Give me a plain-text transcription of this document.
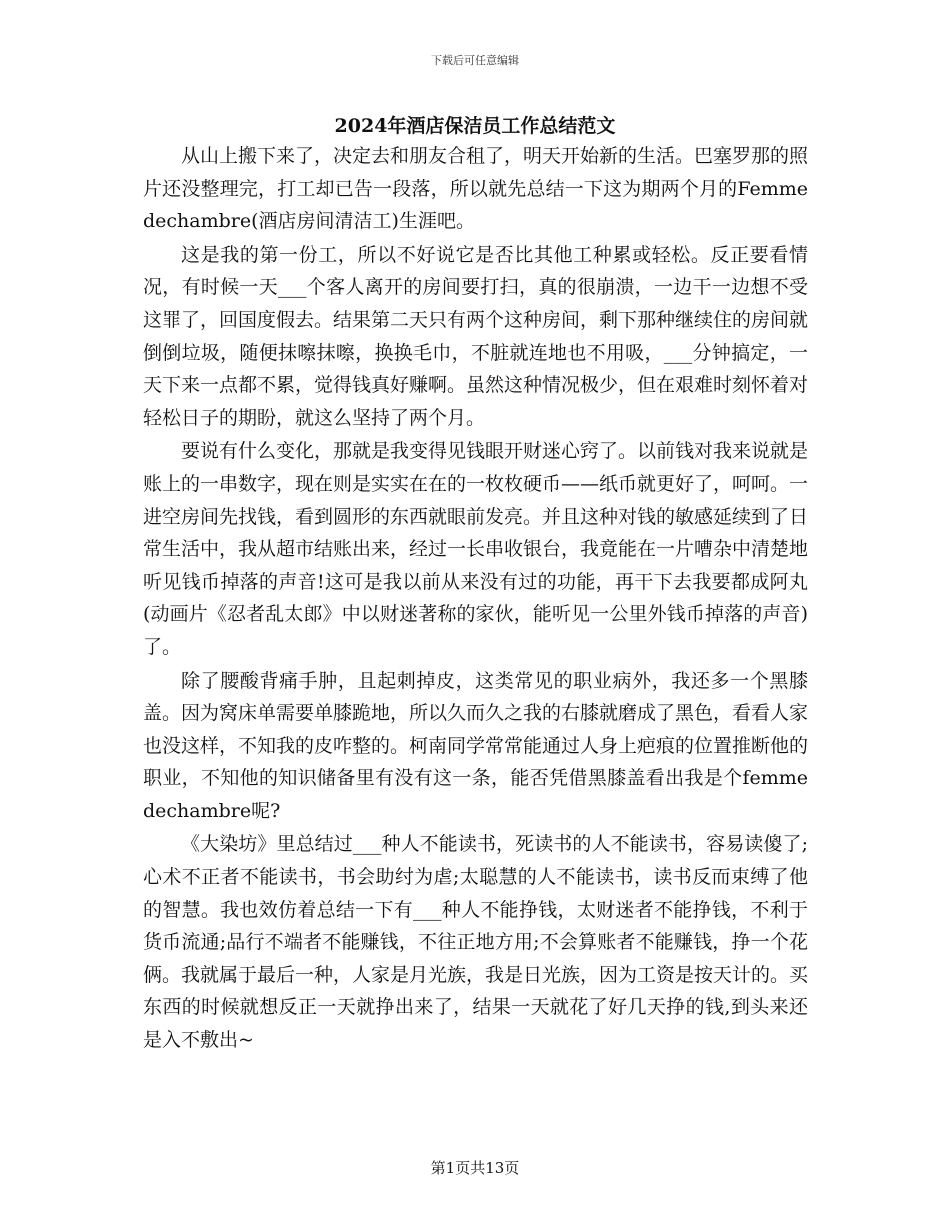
下载后可任意编辑
2024年酒店保洁员工作总结范文

从山上搬下来了，决定去和朋友合租了，明天开始新的生活。巴塞罗那的照片还没整理完，打工却已告一段落，所以就先总结一下这为期两个月的Femmedechambre(酒店房间清洁工)生涯吧。

这是我的第一份工，所以不好说它是否比其他工种累或轻松。反正要看情况，有时候一天___个客人离开的房间要打扫，真的很崩溃，一边干一边想不受这罪了，回国度假去。结果第二天只有两个这种房间，剩下那种继续住的房间就倒倒垃圾，随便抹嚓抹嚓，换换毛巾，不脏就连地也不用吸，___分钟搞定，一天下来一点都不累，觉得钱真好赚啊。虽然这种情况极少，但在艰难时刻怀着对轻松日子的期盼，就这么坚持了两个月。

要说有什么变化，那就是我变得见钱眼开财迷心窍了。以前钱对我来说就是账上的一串数字，现在则是实实在在的一枚枚硬币——纸币就更好了，呵呵。一进空房间先找钱，看到圆形的东西就眼前发亮。并且这种对钱的敏感延续到了日常生活中，我从超市结账出来，经过一长串收银台，我竟能在一片嘈杂中清楚地听见钱币掉落的声音!这可是我以前从来没有过的功能，再干下去我要都成阿丸(动画片《忍者乱太郎》中以财迷著称的家伙，能听见一公里外钱币掉落的声音)了。

除了腰酸背痛手肿，且起刺掉皮，这类常见的职业病外，我还多一个黑膝盖。因为窝床单需要单膝跪地，所以久而久之我的右膝就磨成了黑色，看看人家也没这样，不知我的皮咋整的。柯南同学常常能通过人身上疤痕的位置推断他的职业，不知他的知识储备里有没有这一条，能否凭借黑膝盖看出我是个femmedechambre呢?

《大染坊》里总结过___种人不能读书，死读书的人不能读书，容易读傻了;心术不正者不能读书，书会助纣为虐;太聪慧的人不能读书，读书反而束缚了他的智慧。我也效仿着总结一下有___种人不能挣钱，太财迷者不能挣钱，不利于货币流通;品行不端者不能赚钱，不往正地方用;不会算账者不能赚钱，挣一个花俩。我就属于最后一种，人家是月光族，我是日光族，因为工资是按天计的。买东西的时候就想反正一天就挣出来了，结果一天就花了好几天挣的钱,到头来还是入不敷出~

第1页共13页
